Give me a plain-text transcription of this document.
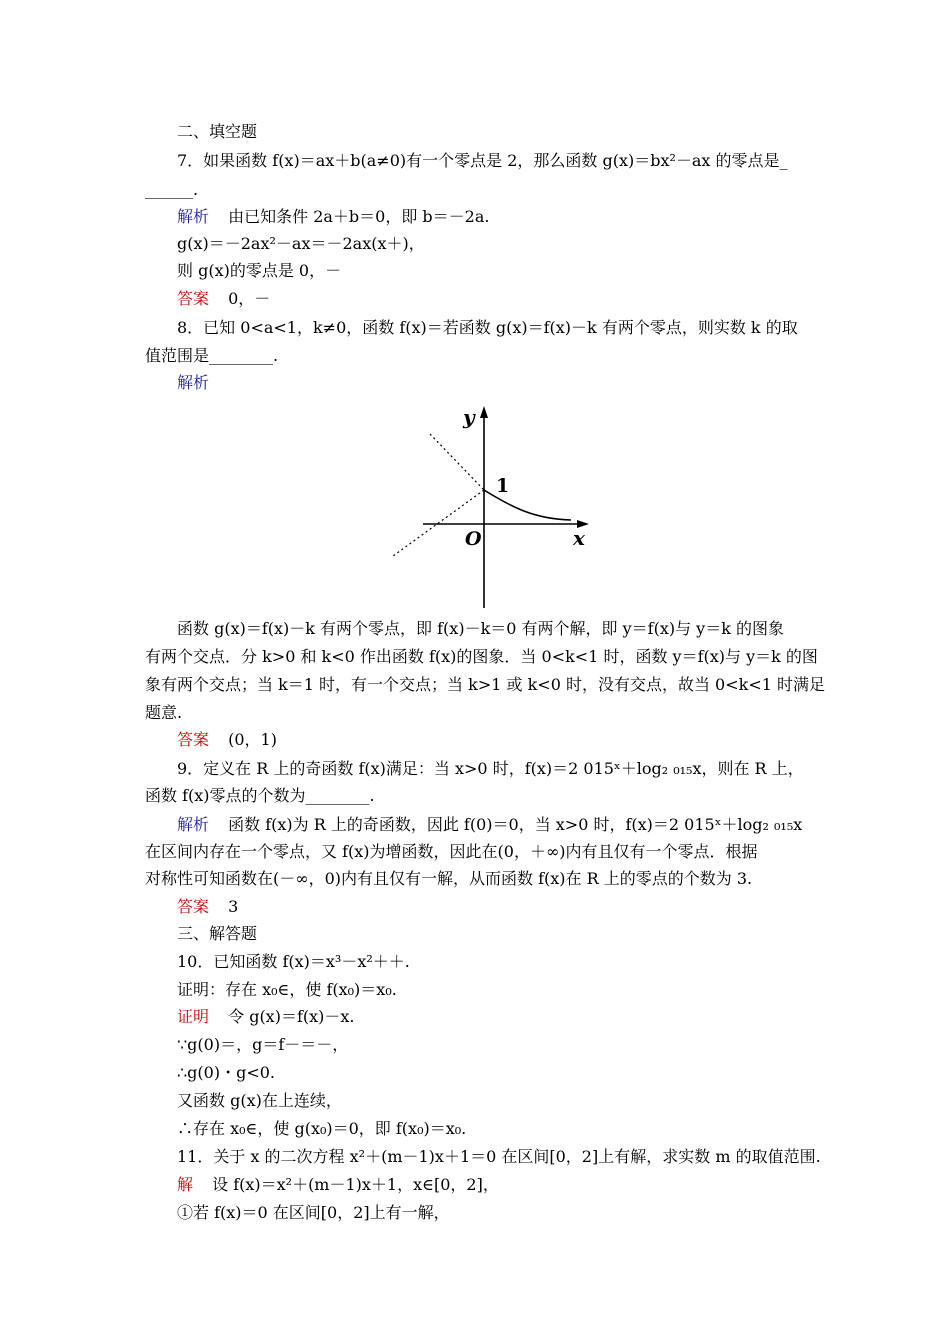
二、填空题
7．如果函数 f(x)＝ax＋b(a≠0)有一个零点是 2，那么函数 g(x)＝bx²－ax 的零点是_
______.
解析 由已知条件 2a＋b＝0，即 b＝－2a.
g(x)＝－2ax²－ax＝－2ax(x＋)，
则 g(x)的零点是 0，－
答案 0，－
8．已知 0<a<1，k≠0，函数 f(x)＝若函数 g(x)＝f(x)－k 有两个零点，则实数 k 的取
值范围是________.
解析
y
x
O
1
函数 g(x)＝f(x)－k 有两个零点，即 f(x)－k＝0 有两个解，即 y＝f(x)与 y＝k 的图象
有两个交点．分 k>0 和 k<0 作出函数 f(x)的图象．当 0<k<1 时，函数 y＝f(x)与 y＝k 的图
象有两个交点；当 k＝1 时，有一个交点；当 k>1 或 k<0 时，没有交点，故当 0<k<1 时满足
题意.
答案 (0，1)
9．定义在 R 上的奇函数 f(x)满足：当 x>0 时，f(x)＝2 015ˣ＋log₂ ₀₁₅x，则在 R 上，
函数 f(x)零点的个数为________.
解析 函数 f(x)为 R 上的奇函数，因此 f(0)＝0，当 x>0 时，f(x)＝2 015ˣ＋log₂ ₀₁₅x
在区间内存在一个零点，又 f(x)为增函数，因此在(0，＋∞)内有且仅有一个零点．根据
对称性可知函数在(－∞，0)内有且仅有一解，从而函数 f(x)在 R 上的零点的个数为 3.
答案 3
三、解答题
10．已知函数 f(x)＝x³－x²＋＋.
证明：存在 x₀∈，使 f(x₀)＝x₀.
证明 令 g(x)＝f(x)－x.
∵g(0)＝，g＝f－＝－，
∴g(0)・g<0.
又函数 g(x)在上连续，
∴存在 x₀∈，使 g(x₀)＝0，即 f(x₀)＝x₀.
11．关于 x 的二次方程 x²＋(m－1)x＋1＝0 在区间[0，2]上有解，求实数 m 的取值范围.
解 设 f(x)＝x²＋(m－1)x＋1，x∈[0，2]，
①若 f(x)＝0 在区间[0，2]上有一解，
